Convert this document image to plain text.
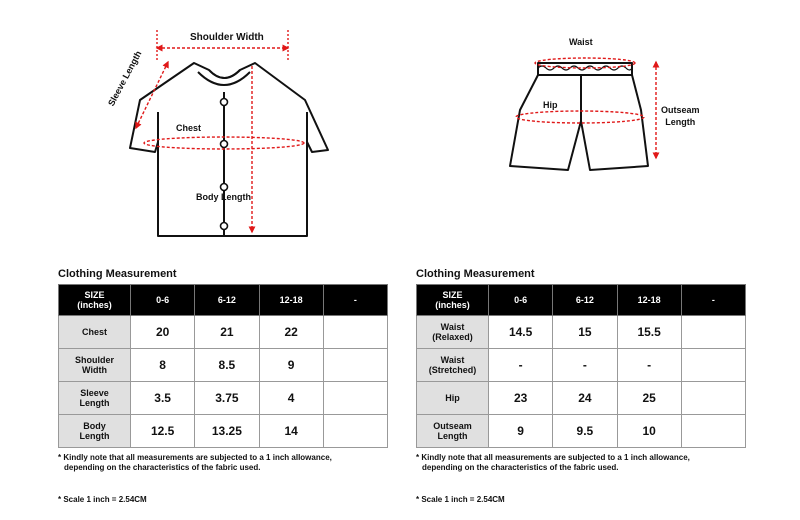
Shoulder Width
Sleeve Length
Chest
Body Length
Waist
Hip	Outseam
Length
Clothing Measurement
SIZE
(inches)	0-6	6-12	12-18	-
Chest	20	21	22	
Shoulder
Width	8	8.5	9	
Sleeve
Length	3.5	3.75	4	
Body
Length	12.5	13.25	14	
* Kindly note that all measurements are subjected to a 1 inch allowance,
depending on the characteristics of the fabric used.
* Scale 1 inch = 2.54CM
Clothing Measurement
SIZE
(inches)	0-6	6-12	12-18	-
Waist
(Relaxed)	14.5	15	15.5	
Waist
(Stretched)	-	-	-	
Hip	23	24	25	
Outseam
Length	9	9.5	10	
* Kindly note that all measurements are subjected to a 1 inch allowance,
depending on the characteristics of the fabric used.
* Scale 1 inch = 2.54CM
